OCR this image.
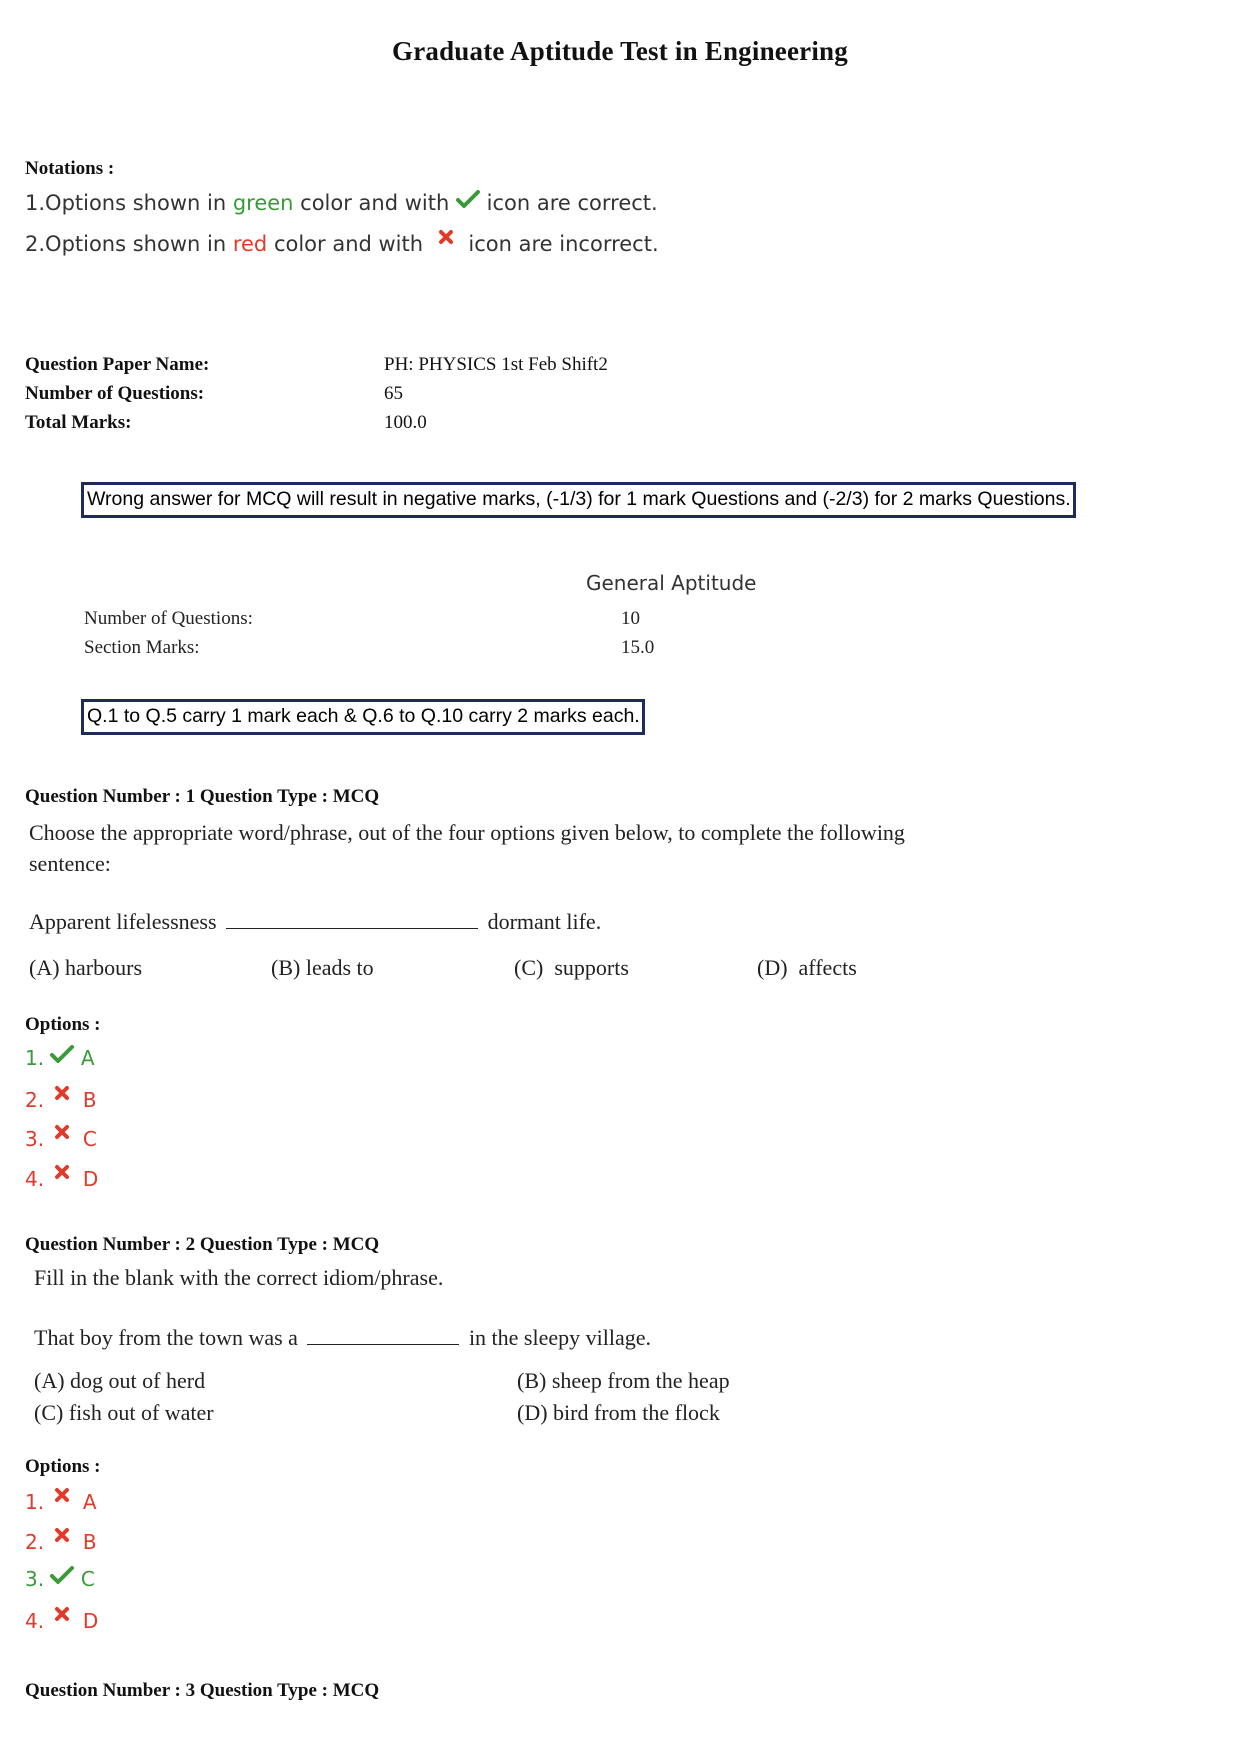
Graduate Aptitude Test in Engineering
Notations :
1.Options shown in green color and with  icon are correct.
2.Options shown in red color and with  icon are incorrect.
Question Paper Name:	PH: PHYSICS 1st Feb Shift2
Number of Questions:	65
Total Marks:	100.0
Wrong answer for MCQ will result in negative marks, (-1/3) for 1 mark Questions and (-2/3) for 2 marks Questions.
General Aptitude
Number of Questions:	10
Section Marks:	15.0
Q.1 to Q.5 carry 1 mark each & Q.6 to Q.10 carry 2 marks each.
Question Number : 1 Question Type : MCQ
Choose the appropriate word/phrase, out of the four options given below, to complete the following
sentence:
Apparent lifelessness	dormant life.
(A) harbours	(B) leads to	(C)  supports	(D)  affects
Options :
1. A
2. B
3. C
4. D
Question Number : 2 Question Type : MCQ
Fill in the blank with the correct idiom/phrase.
That boy from the town was a	in the sleepy village.
(A) dog out of herd	(B) sheep from the heap
(C) fish out of water	(D) bird from the flock
Options :
1. A
2. B
3. C
4. D
Question Number : 3 Question Type : MCQ
